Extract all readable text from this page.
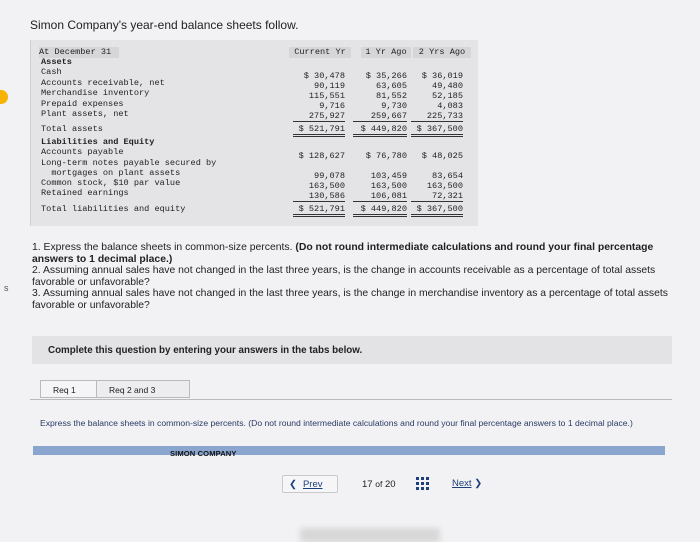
s
Simon Company's year-end balance sheets follow.
At December 31	Current Yr	1 Yr Ago	2 Yrs Ago
Assets
Cash	$ 30,478	$ 35,266	$ 36,019
Accounts receivable, net	90,119	63,605	49,480
Merchandise inventory	115,551	81,552	52,185
Prepaid expenses	9,716	9,730	4,083
Plant assets, net	275,927	259,667	225,733
Total assets	$ 521,791	$ 449,820	$ 367,500
Liabilities and Equity
Accounts payable	$ 128,627	$ 76,780	$ 48,025
Long-term notes payable secured by
mortgages on plant assets	99,078	103,459	83,654
Common stock, $10 par value	163,500	163,500	163,500
Retained earnings	130,586	106,081	72,321
Total liabilities and equity	$ 521,791	$ 449,820	$ 367,500

1. Express the balance sheets in common-size percents. (Do not round intermediate calculations and round your final percentage answers to 1 decimal place.)

2. Assuming annual sales have not changed in the last three years, is the change in accounts receivable as a percentage of total assets favorable or unfavorable?

3. Assuming annual sales have not changed in the last three years, is the change in merchandise inventory as a percentage of total assets favorable or unfavorable?

Complete this question by entering your answers in the tabs below.
Req 1	Req 2 and 3
Express the balance sheets in common-size percents. (Do not round intermediate calculations and round your final percentage answers to 1 decimal place.)
SIMON COMPANY
❮ Prev	17 of 20	Next ❯
